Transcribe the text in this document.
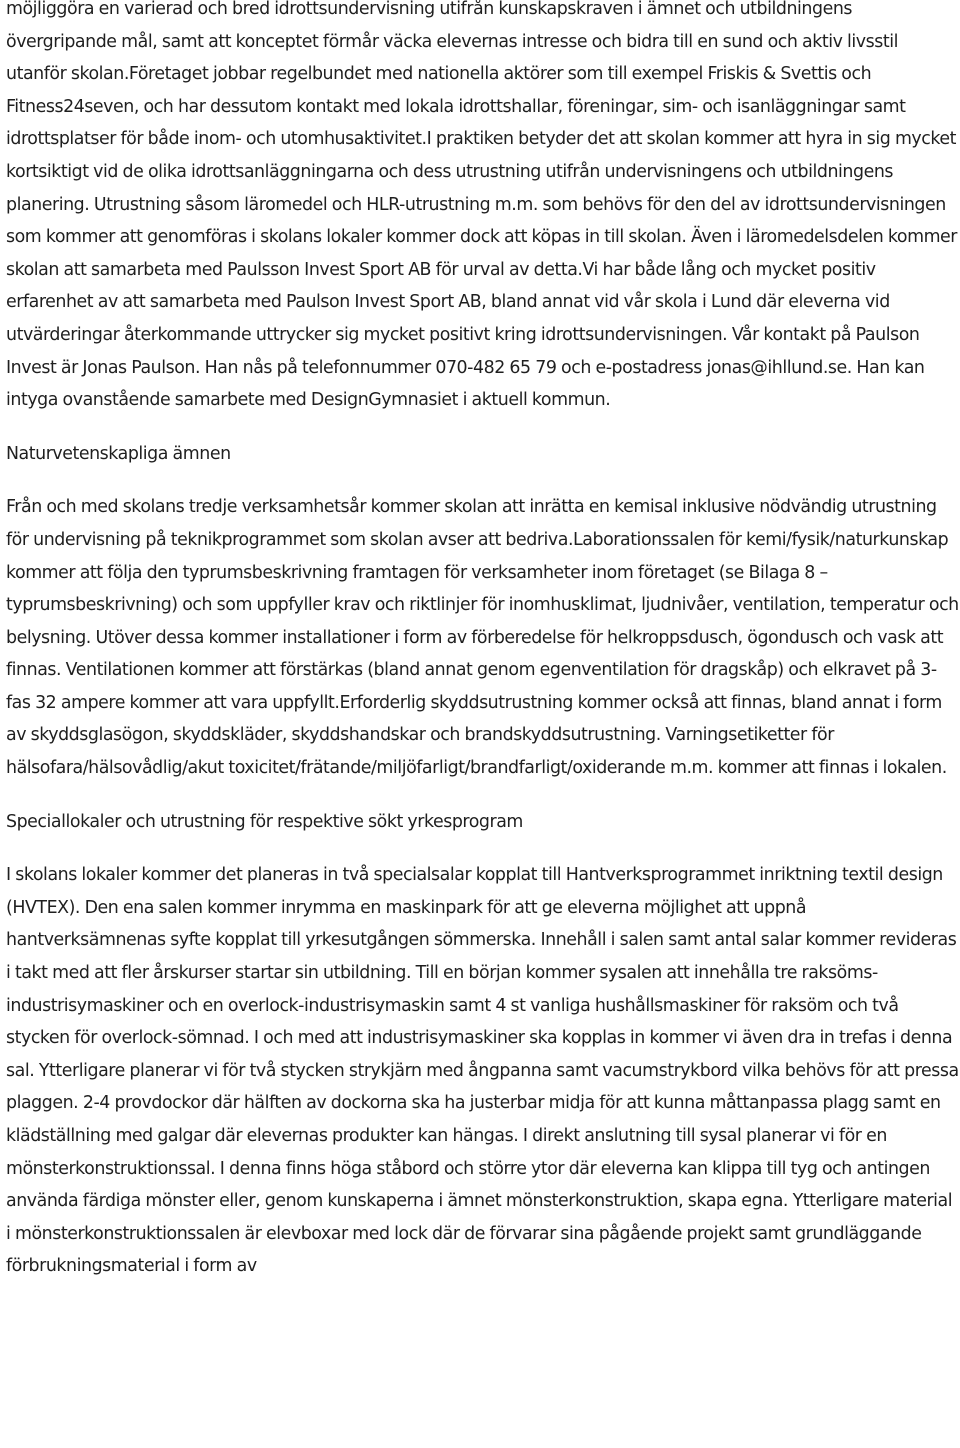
möjliggöra en varierad och bred idrottsundervisning utifrån kunskapskraven i ämnet och utbildningens övergripande mål, samt att konceptet förmår väcka elevernas intresse och bidra till en sund och aktiv livsstil utanför skolan.Företaget jobbar regelbundet med nationella aktörer som till exempel Friskis & Svettis och Fitness24seven, och har dessutom kontakt med lokala idrottshallar, föreningar, sim- och isanläggningar samt idrottsplatser för både inom- och utomhusaktivitet.I praktiken betyder det att skolan kommer att hyra in sig mycket kortsiktigt vid de olika idrottsanläggningarna och dess utrustning utifrån undervisningens och utbildningens planering. Utrustning såsom läromedel och HLR-utrustning m.m. som behövs för den del av idrottsundervisningen som kommer att genomföras i skolans lokaler kommer dock att köpas in till skolan. Även i läromedelsdelen kommer skolan att samarbeta med Paulsson Invest Sport AB för urval av detta.Vi har både lång och mycket positiv erfarenhet av att samarbeta med Paulson Invest Sport AB, bland annat vid vår skola i Lund där eleverna vid utvärderingar återkommande uttrycker sig mycket positivt kring idrottsundervisningen. Vår kontakt på Paulson Invest är Jonas Paulson. Han nås på telefonnummer 070-482 65 79 och e-postadress jonas@ihllund.se. Han kan intyga ovanstående samarbete med DesignGymnasiet i aktuell kommun.

Naturvetenskapliga ämnen

Från och med skolans tredje verksamhetsår kommer skolan att inrätta en kemisal inklusive nödvändig utrustning för undervisning på teknikprogrammet som skolan avser att bedriva.Laborationssalen för kemi/fysik/naturkunskap kommer att följa den typrumsbeskrivning framtagen för verksamheter inom företaget (se Bilaga 8 – typrumsbeskrivning) och som uppfyller krav och riktlinjer för inomhusklimat, ljudnivåer, ventilation, temperatur och belysning. Utöver dessa kommer installationer i form av förberedelse för helkroppsdusch, ögondusch och vask att finnas. Ventilationen kommer att förstärkas (bland annat genom egenventilation för dragskåp) och elkravet på 3-fas 32 ampere kommer att vara uppfyllt.Erforderlig skyddsutrustning kommer också att finnas, bland annat i form av skyddsglasögon, skyddskläder, skyddshandskar och brandskyddsutrustning. Varningsetiketter för hälsofara/hälsovådlig/akut toxicitet/frätande/miljöfarligt/brandfarligt/oxiderande m.m. kommer att finnas i lokalen.

Speciallokaler och utrustning för respektive sökt yrkesprogram

I skolans lokaler kommer det planeras in två specialsalar kopplat till Hantverksprogrammet inriktning textil design (HVTEX). Den ena salen kommer inrymma en maskinpark för att ge eleverna möjlighet att uppnå hantverksämnenas syfte kopplat till yrkesutgången sömmerska. Innehåll i salen samt antal salar kommer revideras i takt med att fler årskurser startar sin utbildning. Till en början kommer sysalen att innehålla tre raksöms-industrisymaskiner och en overlock-industrisymaskin samt 4 st vanliga hushållsmaskiner för raksöm och två stycken för overlock-sömnad. I och med att industrisymaskiner ska kopplas in kommer vi även dra in trefas i denna sal. Ytterligare planerar vi för två stycken strykjärn med ångpanna samt vacumstrykbord vilka behövs för att pressa plaggen. 2-4 provdockor där hälften av dockorna ska ha justerbar midja för att kunna måttanpassa plagg samt en klädställning med galgar där elevernas produkter kan hängas. I direkt anslutning till sysal planerar vi för en mönsterkonstruktionssal. I denna finns höga ståbord och större ytor där eleverna kan klippa till tyg och antingen använda färdiga mönster eller, genom kunskaperna i ämnet mönsterkonstruktion, skapa egna. Ytterligare material i mönsterkonstruktionssalen är elevboxar med lock där de förvarar sina pågående projekt samt grundläggande förbrukningsmaterial i form av
